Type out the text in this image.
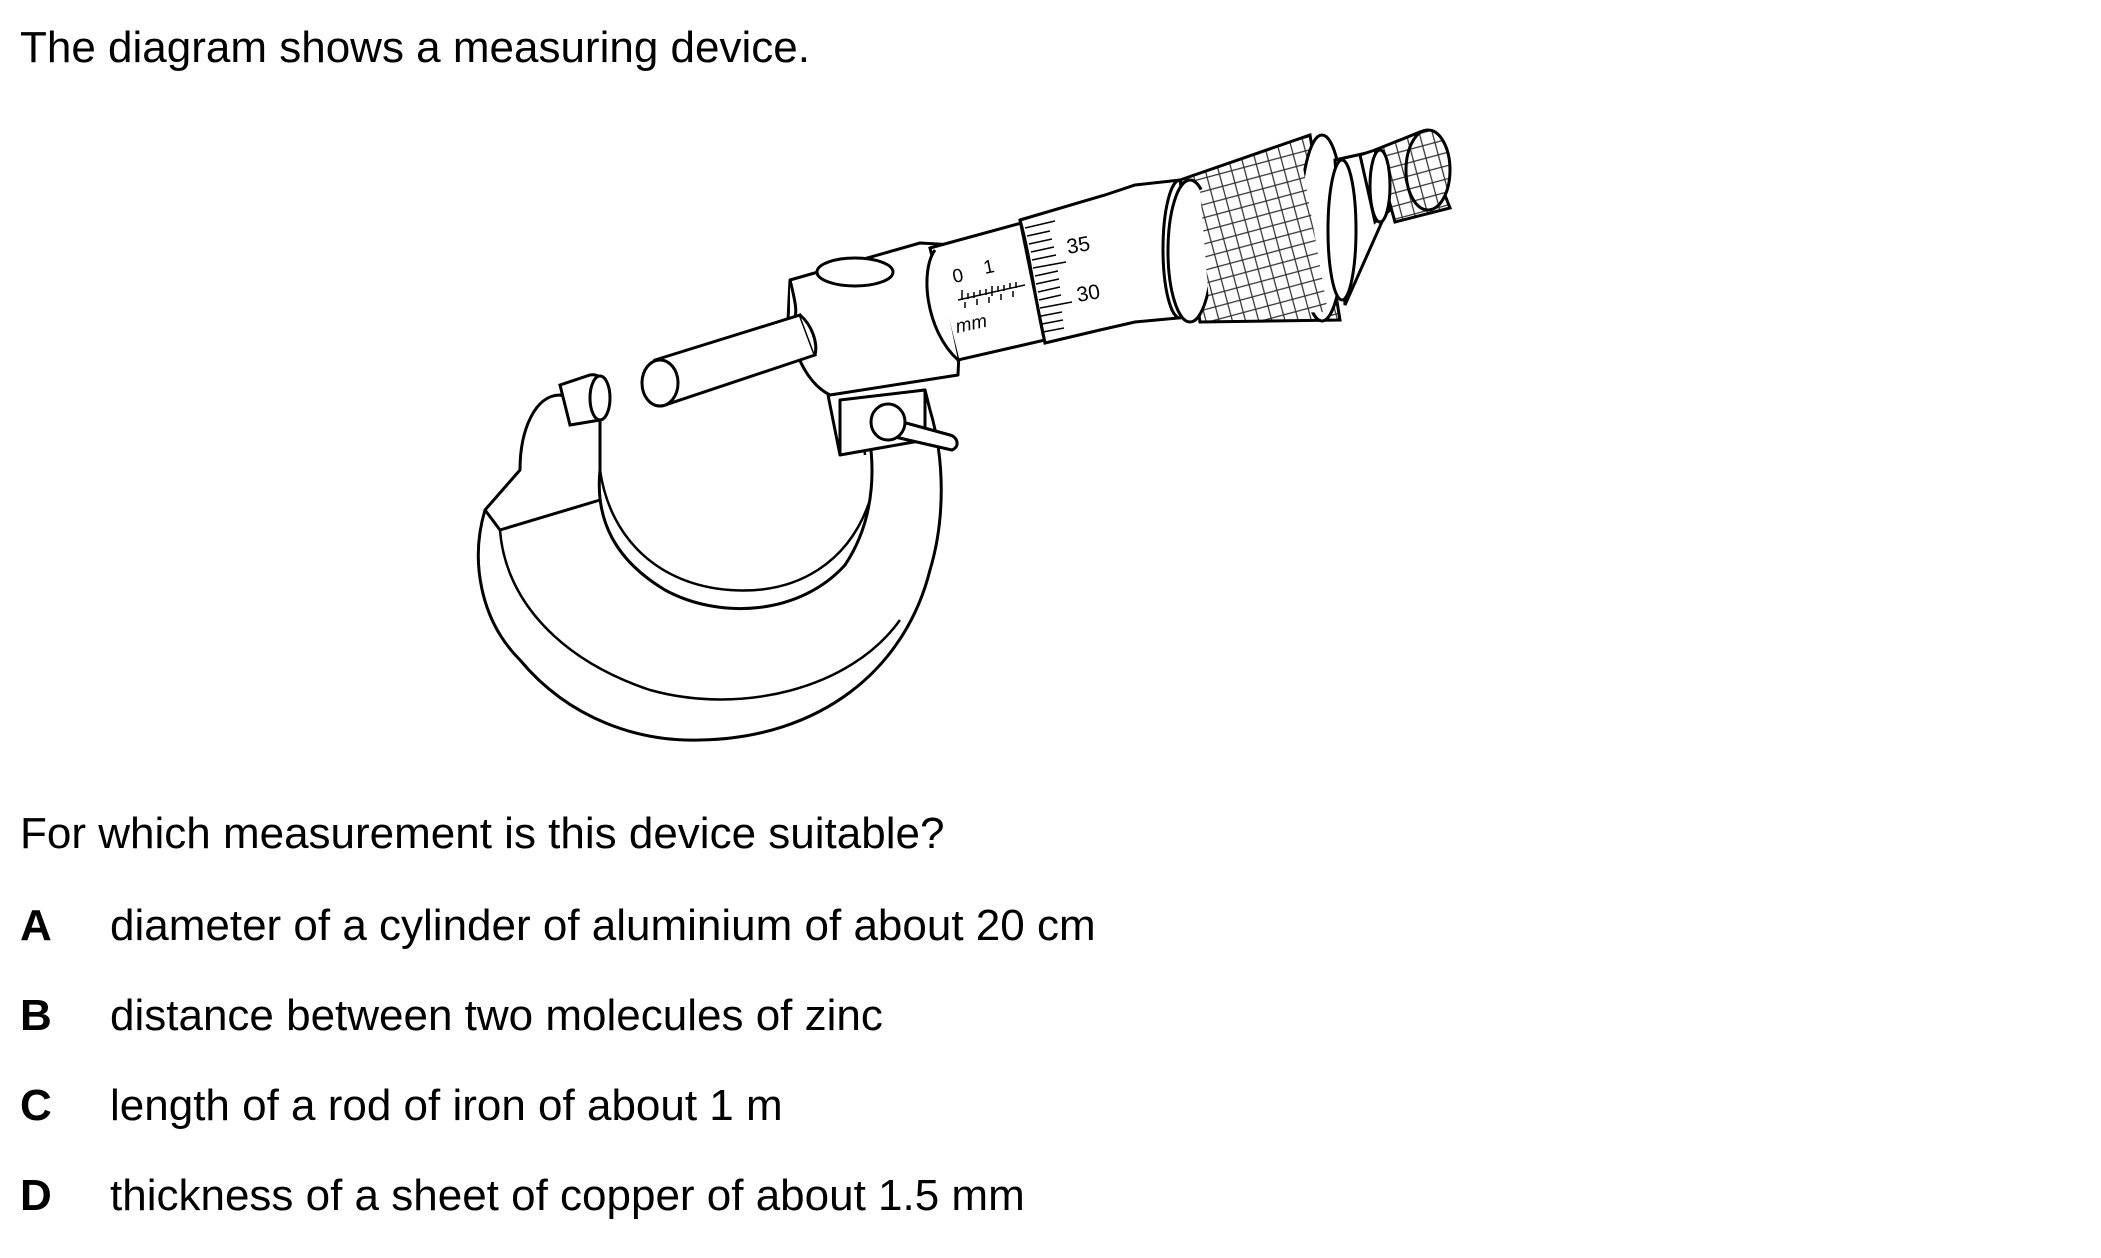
The diagram shows a measuring device.
0 1
mm
35
30
For which measurement is this device suitable?
A diameter of a cylinder of aluminium of about 20 cm
B distance between two molecules of zinc
C length of a rod of iron of about 1 m
D thickness of a sheet of copper of about 1.5 mm
